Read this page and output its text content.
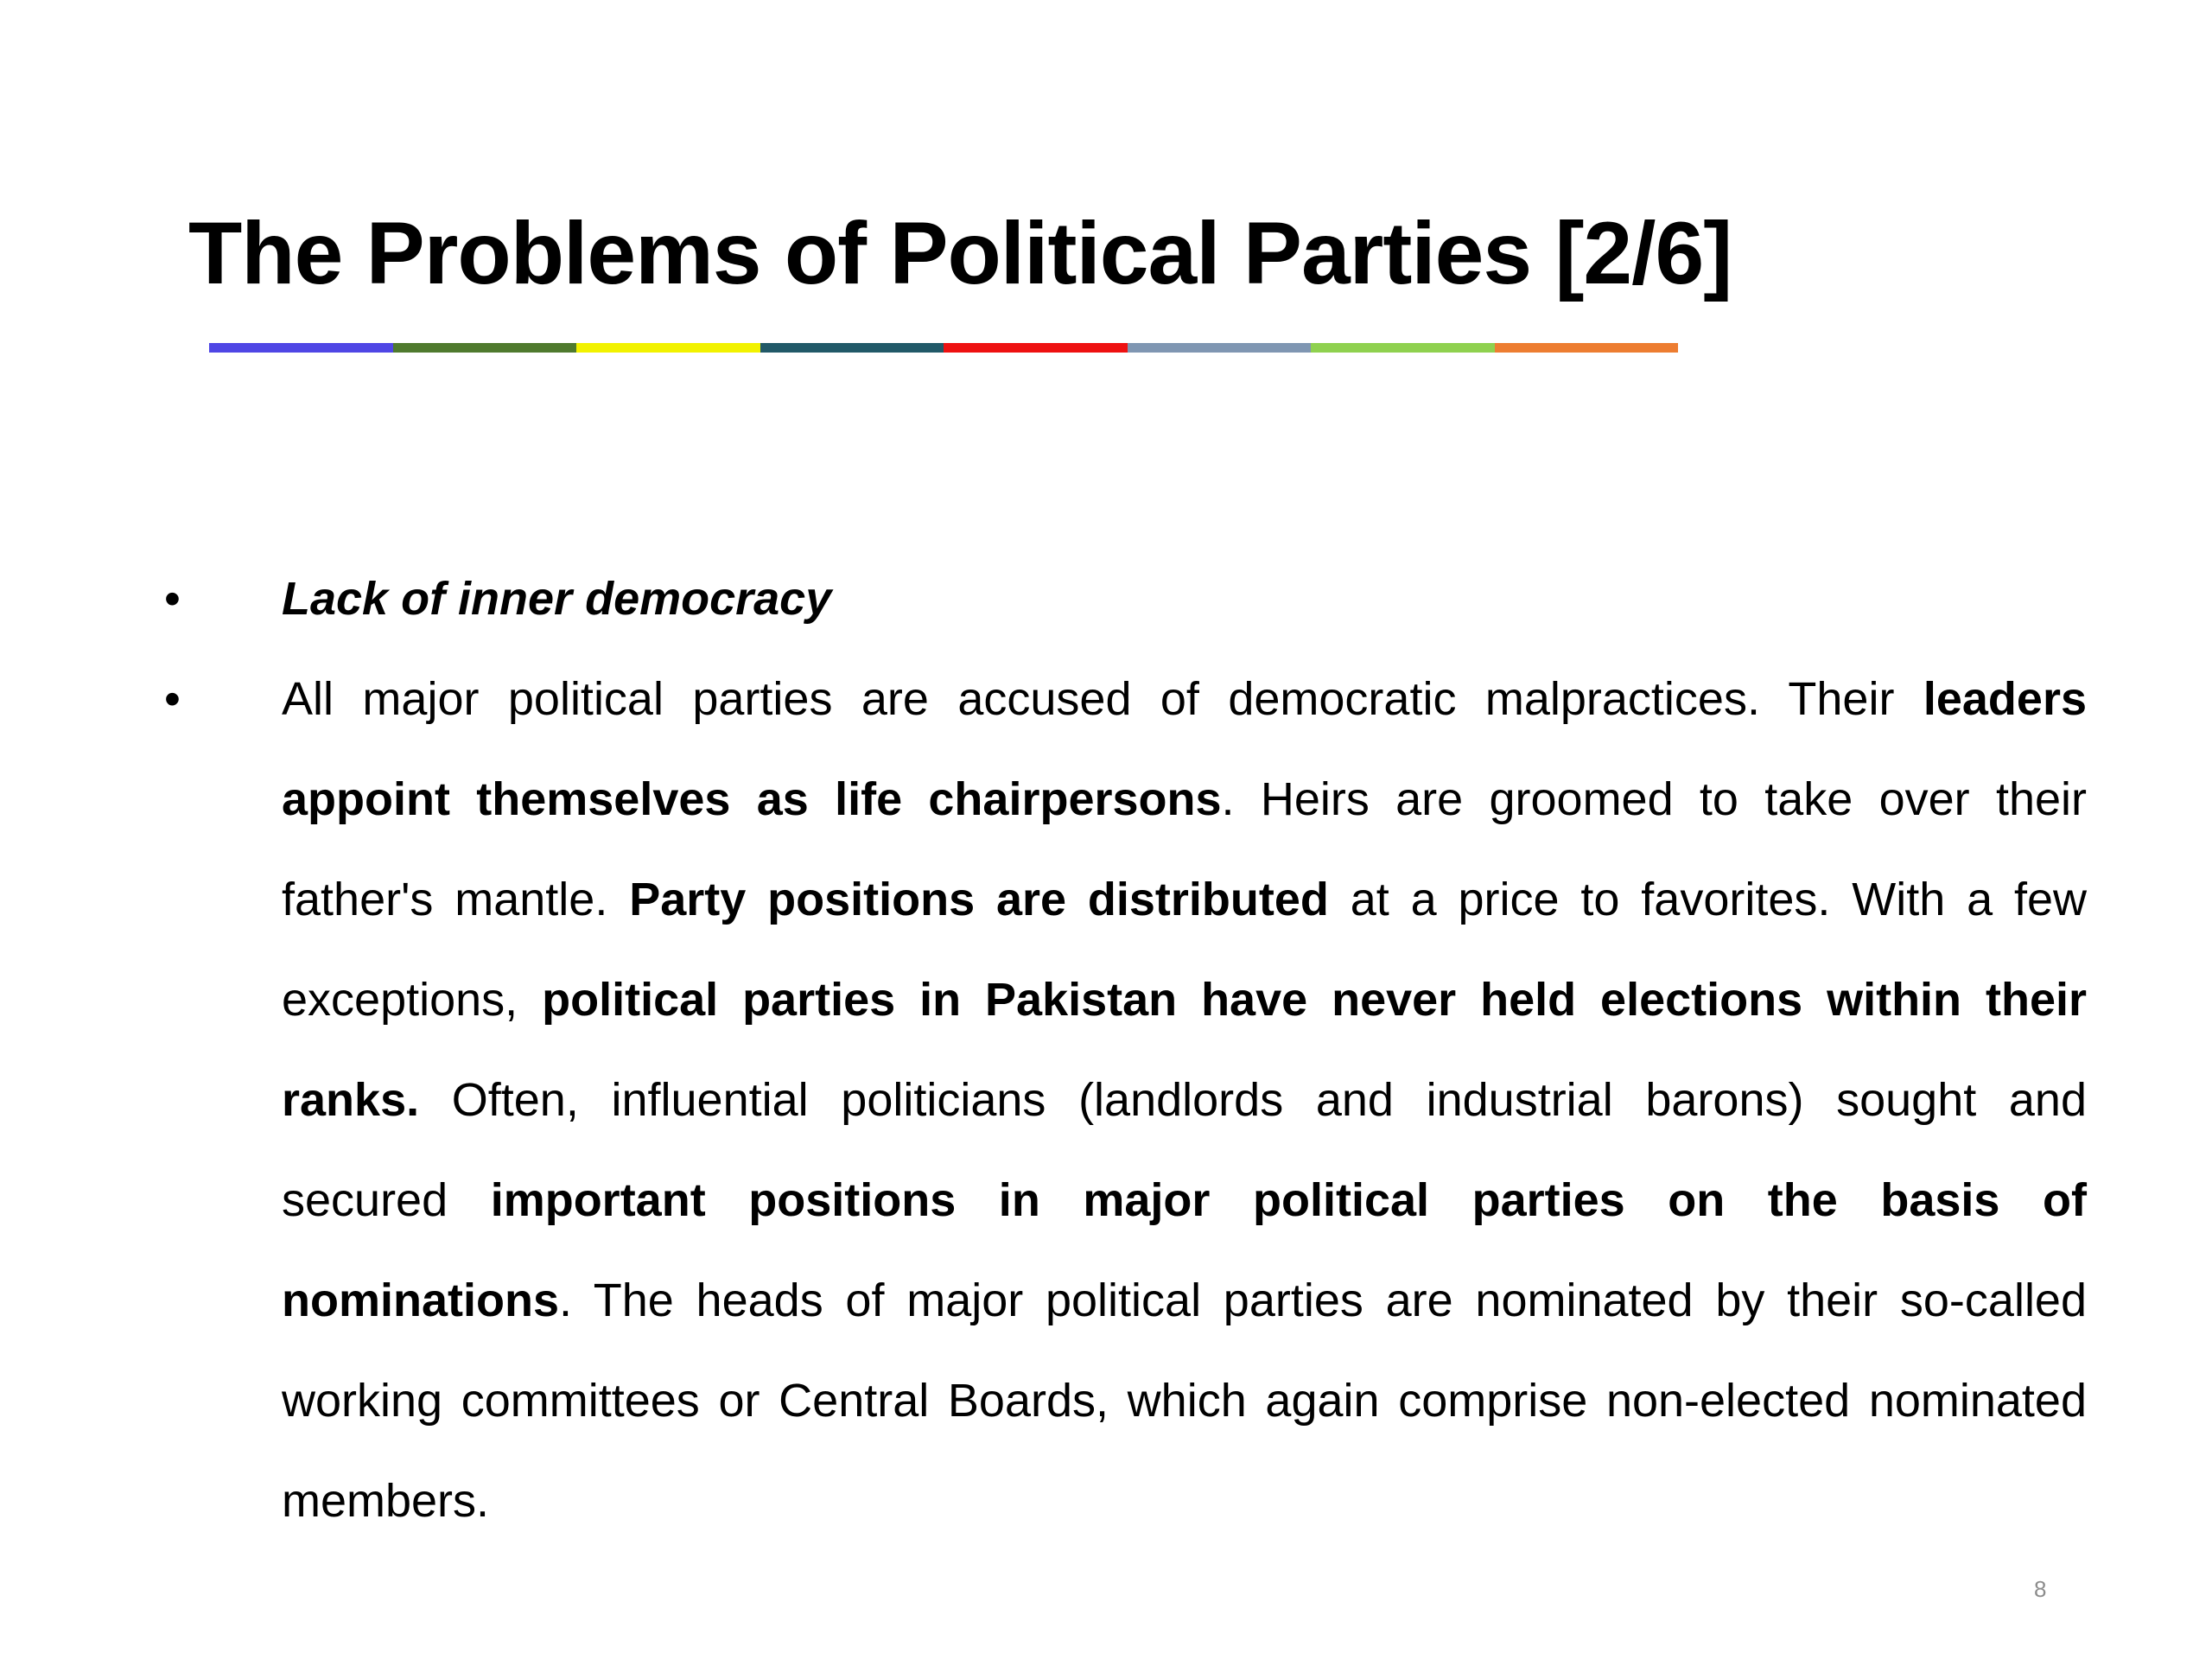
The Problems of Political Parties [2/6]
•	Lack of inner democracy
•	All major political parties are accused of democratic malpractices. Their leaders appoint themselves as life chairpersons. Heirs are groomed to take over their father's mantle. Party positions are distributed at a price to favorites. With a few exceptions, political parties in Pakistan have never held elections within their ranks. Often, influential politicians (landlords and industrial barons) sought and secured important positions in major political parties on the basis of nominations. The heads of major political parties are nominated by their so-called working committees or Central Boards, which again comprise non-elected nominated members.
8
